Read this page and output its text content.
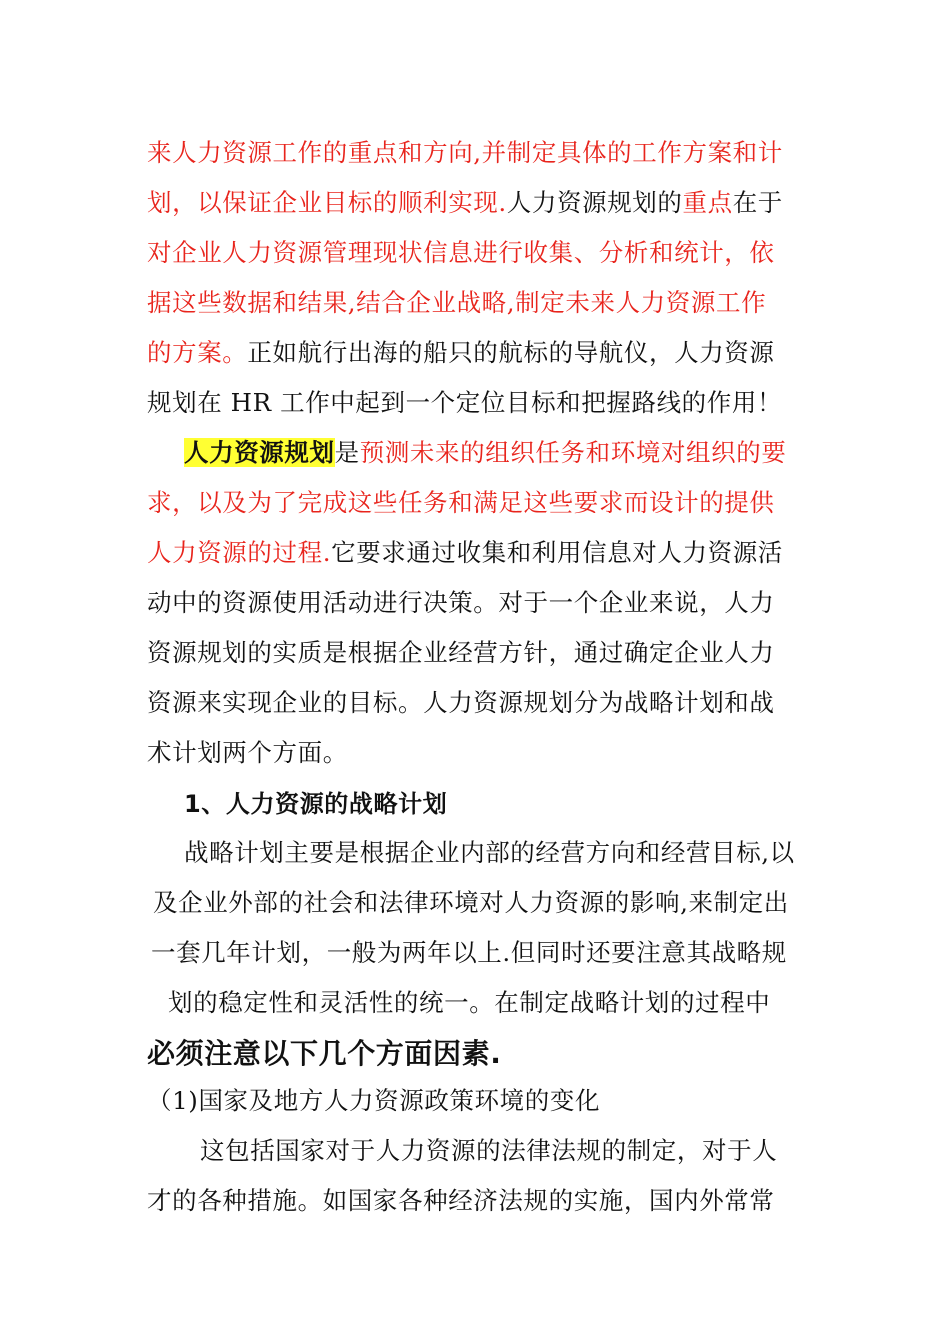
来人力资源工作的重点和方向,并制定具体的工作方案和计
划，以保证企业目标的顺利实现.人力资源规划的重点在于
对企业人力资源管理现状信息进行收集、分析和统计，依
据这些数据和结果,结合企业战略,制定未来人力资源工作
的方案。正如航行出海的船只的航标的导航仪，人力资源
规划在 HR 工作中起到一个定位目标和把握路线的作用！
人力资源规划是预测未来的组织任务和环境对组织的要
求，以及为了完成这些任务和满足这些要求而设计的提供
人力资源的过程.它要求通过收集和利用信息对人力资源活
动中的资源使用活动进行决策。对于一个企业来说，人力
资源规划的实质是根据企业经营方针，通过确定企业人力
资源来实现企业的目标。人力资源规划分为战略计划和战
术计划两个方面。
1、人力资源的战略计划
战略计划主要是根据企业内部的经营方向和经营目标,以
及企业外部的社会和法律环境对人力资源的影响,来制定出
一套几年计划，一般为两年以上.但同时还要注意其战略规
划的稳定性和灵活性的统一。在制定战略计划的过程中
必须注意以下几个方面因素.
（1)国家及地方人力资源政策环境的变化
这包括国家对于人力资源的法律法规的制定，对于人
才的各种措施。如国家各种经济法规的实施，国内外常常
